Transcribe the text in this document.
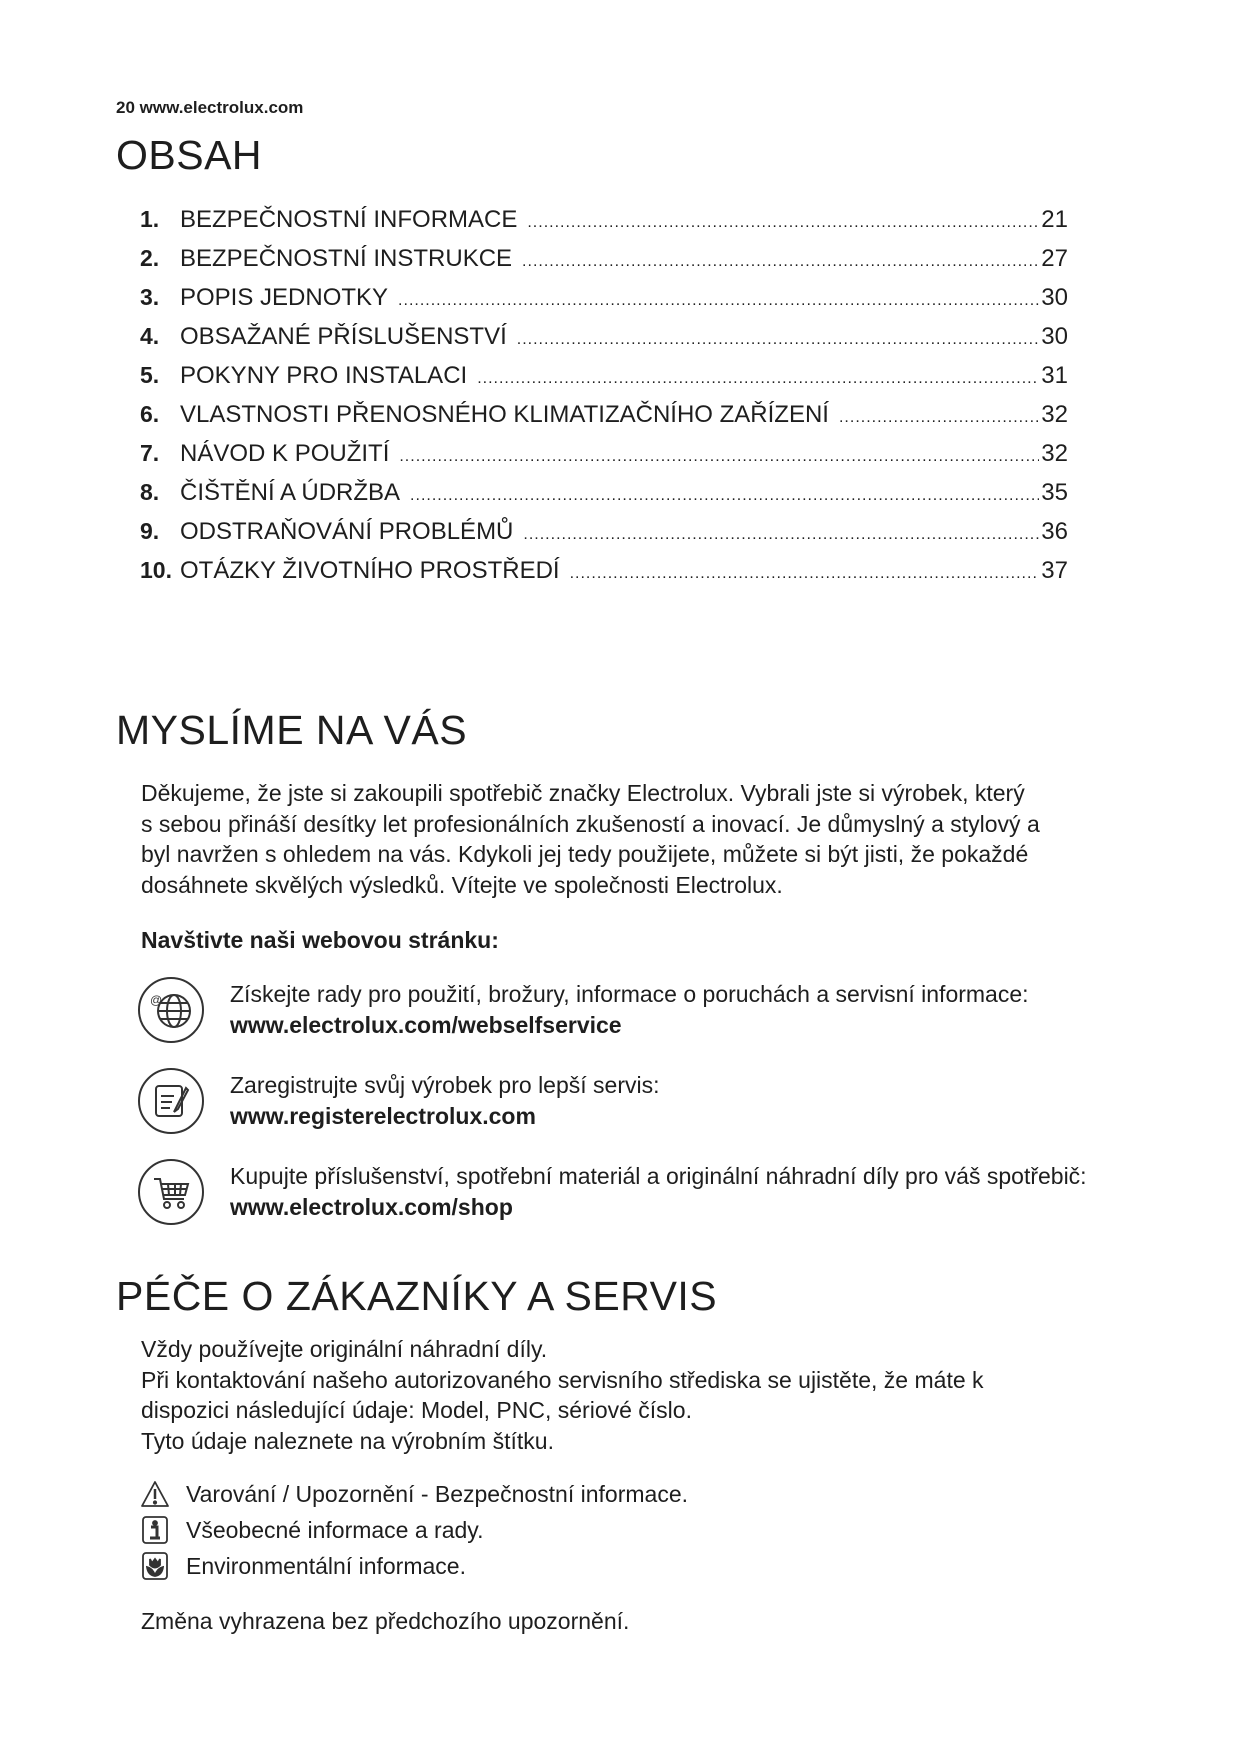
20 www.electrolux.com
OBSAH
1. BEZPEČNOSTNÍ INFORMACE .....	21
2. BEZPEČNOSTNÍ INSTRUKCE .....	27
3. POPIS JEDNOTKY .....	30
4. OBSAŽANÉ PŘÍSLUŠENSTVÍ .....	30
5. POKYNY PRO INSTALACI .....	31
6. VLASTNOSTI PŘENOSNÉHO KLIMATIZAČNÍHO ZAŘÍZENÍ .....	32
7. NÁVOD K POUŽITÍ .....	32
8. ČIŠTĚNÍ A ÚDRŽBA .....	35
9. ODSTRAŇOVÁNÍ PROBLÉMŮ .....	36
10. OTÁZKY ŽIVOTNÍHO PROSTŘEDÍ .....	37
MYSLÍME NA VÁS
Děkujeme, že jste si zakoupili spotřebič značky Electrolux. Vybrali jste si výrobek, který
s sebou přináší desítky let profesionálních zkušeností a inovací. Je důmyslný a stylový a
byl navržen s ohledem na vás. Kdykoli jej tedy použijete, můžete si být jisti, že pokaždé
dosáhnete skvělých výsledků. Vítejte ve společnosti Electrolux.
Navštivte naši webovou stránku:
@	Získejte rady pro použití, brožury, informace o poruchách a servisní informace:
www.electrolux.com/webselfservice
Zaregistrujte svůj výrobek pro lepší servis:
www.registerelectrolux.com
Kupujte příslušenství, spotřební materiál a originální náhradní díly pro váš spotřebič:
www.electrolux.com/shop
PÉČE O ZÁKAZNÍKY A SERVIS
Vždy používejte originální náhradní díly.
Při kontaktování našeho autorizovaného servisního střediska se ujistěte, že máte k
dispozici následující údaje: Model, PNC, sériové číslo.
Tyto údaje naleznete na výrobním štítku.
Varování / Upozornění - Bezpečnostní informace.
Všeobecné informace a rady.
Environmentální informace.
Změna vyhrazena bez předchozího upozornění.
